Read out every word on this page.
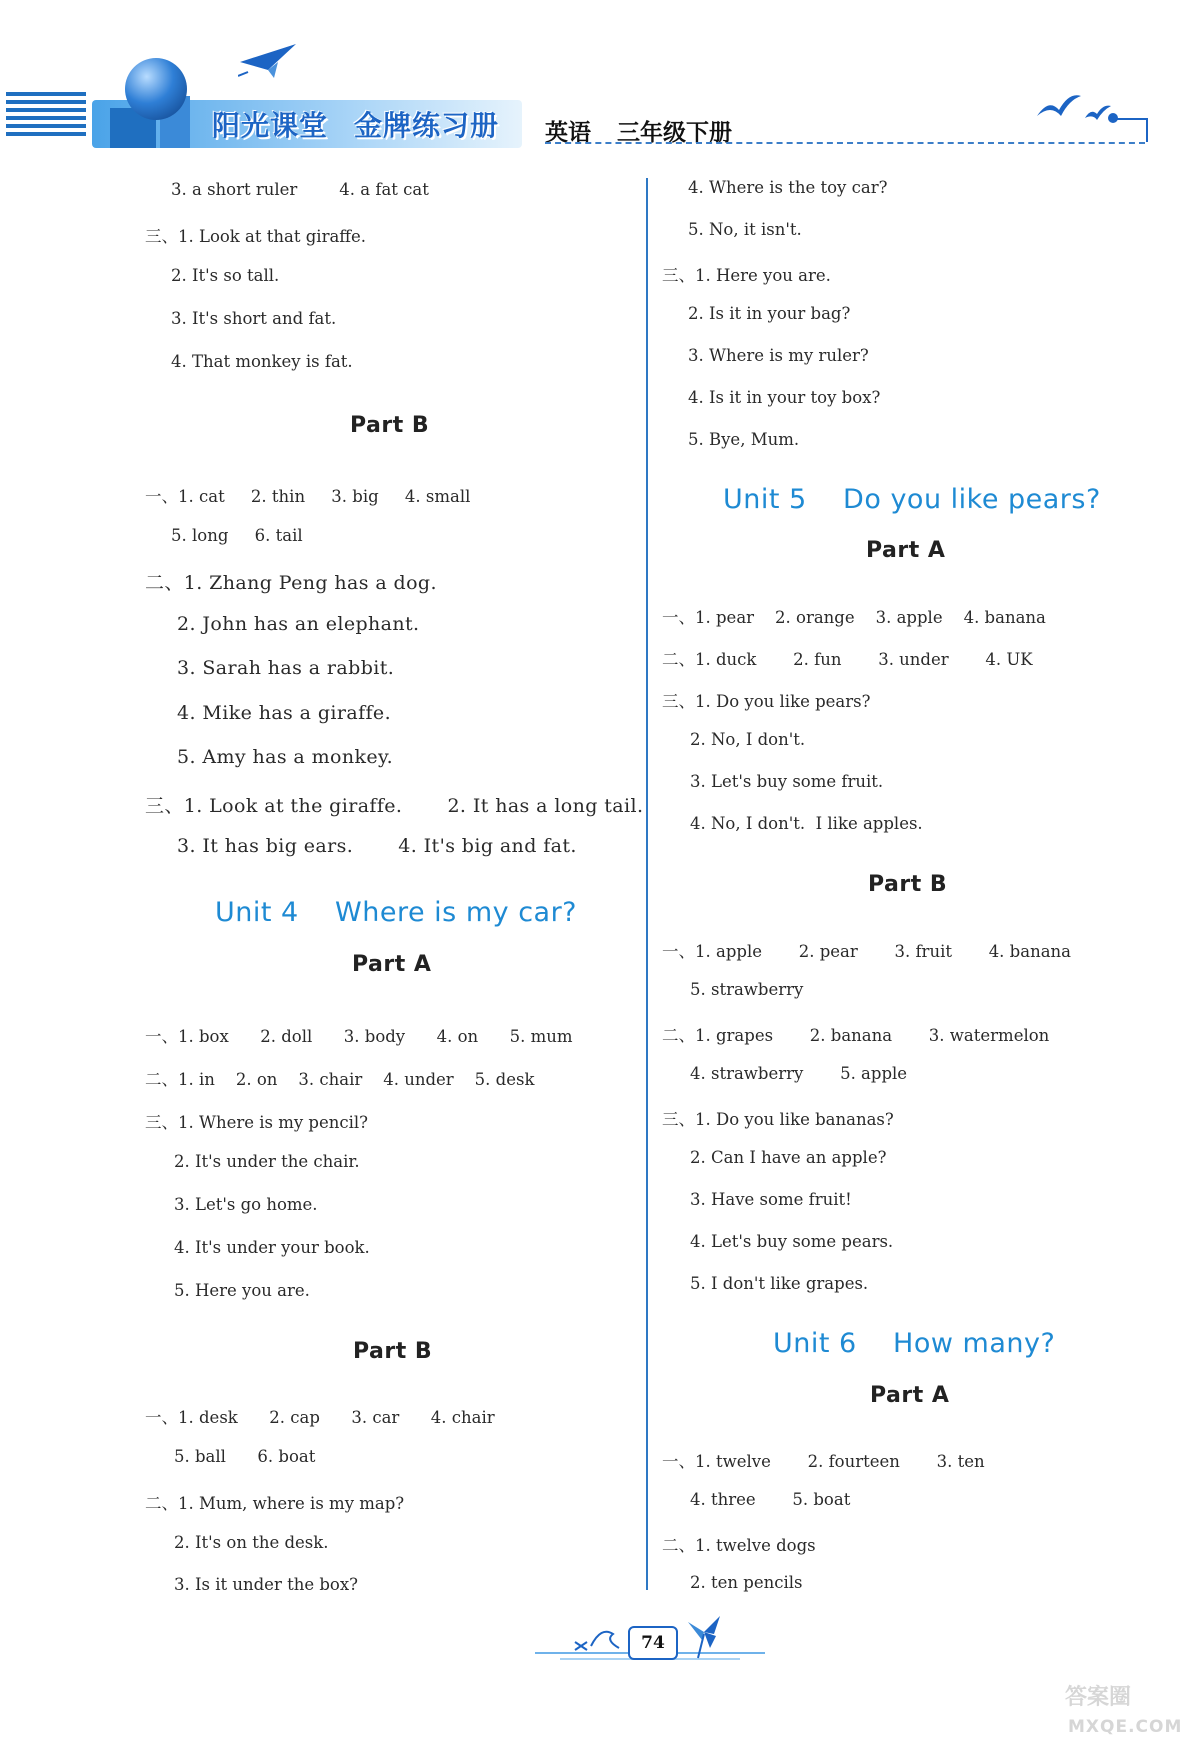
阳光课堂 金牌练习册	英语 三年级下册
3. a short ruler        4. a fat cat
三、1. Look at that giraffe.
2. It's so tall.
3. It's short and fat.
4. That monkey is fat.
Part B
一、1. cat     2. thin     3. big     4. small
5. long     6. tail
二、1. Zhang Peng has a dog.
2. John has an elephant.
3. Sarah has a rabbit.
4. Mike has a giraffe.
5. Amy has a monkey.
三、1. Look at the giraffe.       2. It has a long tail.
3. It has big ears.       4. It's big and fat.
Unit 4    Where is my car?
Part A
一、1. box      2. doll      3. body      4. on      5. mum
二、1. in    2. on    3. chair    4. under    5. desk
三、1. Where is my pencil?
2. It's under the chair.
3. Let's go home.
4. It's under your book.
5. Here you are.
Part B
一、1. desk      2. cap      3. car      4. chair
5. ball      6. boat
二、1. Mum, where is my map?
2. It's on the desk.
3. Is it under the box?
4. Where is the toy car?
5. No, it isn't.
三、1. Here you are.
2. Is it in your bag?
3. Where is my ruler?
4. Is it in your toy box?
5. Bye, Mum.
Unit 5    Do you like pears?
Part A
一、1. pear    2. orange    3. apple    4. banana
二、1. duck       2. fun       3. under       4. UK
三、1. Do you like pears?
2. No, I don't.
3. Let's buy some fruit.
4. No, I don't.  I like apples.
Part B
一、1. apple       2. pear       3. fruit       4. banana
5. strawberry
二、1. grapes       2. banana       3. watermelon
4. strawberry       5. apple
三、1. Do you like bananas?
2. Can I have an apple?
3. Have some fruit!
4. Let's buy some pears.
5. I don't like grapes.
Unit 6    How many?
Part A
一、1. twelve       2. fourteen       3. ten
4. three       5. boat
二、1. twelve dogs
2. ten pencils
74
答案圈
MXQE.COM
